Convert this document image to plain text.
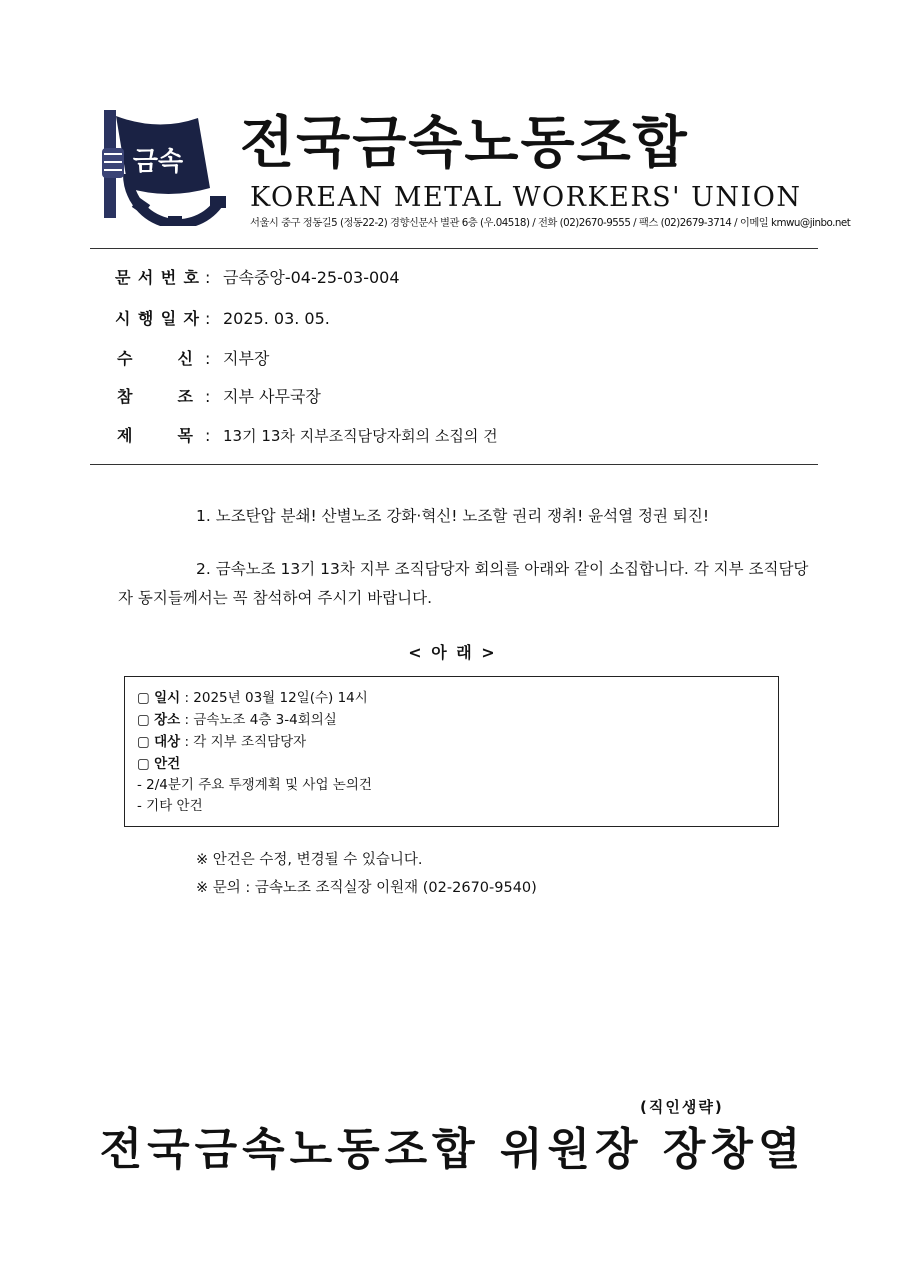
금속 전국금속노동조합
KOREAN METAL WORKERS' UNION
서울시 중구 정동길5 (정동22-2) 경향신문사 별관 6층 (우.04518) / 전화 (02)2670-9555 / 팩스 (02)2679-3714 / 이메일 kmwu@jinbo.net
문 서 번 호 : 금속중앙-04-25-03-004
시 행 일 자 : 2025. 03. 05.
수	신 : 지부장
참	조 : 지부 사무국장
제	목 : 13기 13차 지부조직담당자회의 소집의 건
1. 노조탄압 분쇄! 산별노조 강화·혁신! 노조할 권리 쟁취! 윤석열 정권 퇴진!
2. 금속노조 13기 13차 지부 조직담당자 회의를 아래와 같이 소집합니다. 각 지부 조직담당
자 동지들께서는 꼭 참석하여 주시기 바랍니다.
< 아 래 >
▢ 일시 : 2025년 03월 12일(수) 14시
▢ 장소 : 금속노조 4층 3-4회의실
▢ 대상 : 각 지부 조직담당자
▢ 안건
- 2/4분기 주요 투쟁계획 및 사업 논의건
- 기타 안건
※ 안건은 수정, 변경될 수 있습니다.
※ 문의 : 금속노조 조직실장 이원재 (02-2670-9540)
(직인생략)
전국금속노동조합 위원장 장창열
